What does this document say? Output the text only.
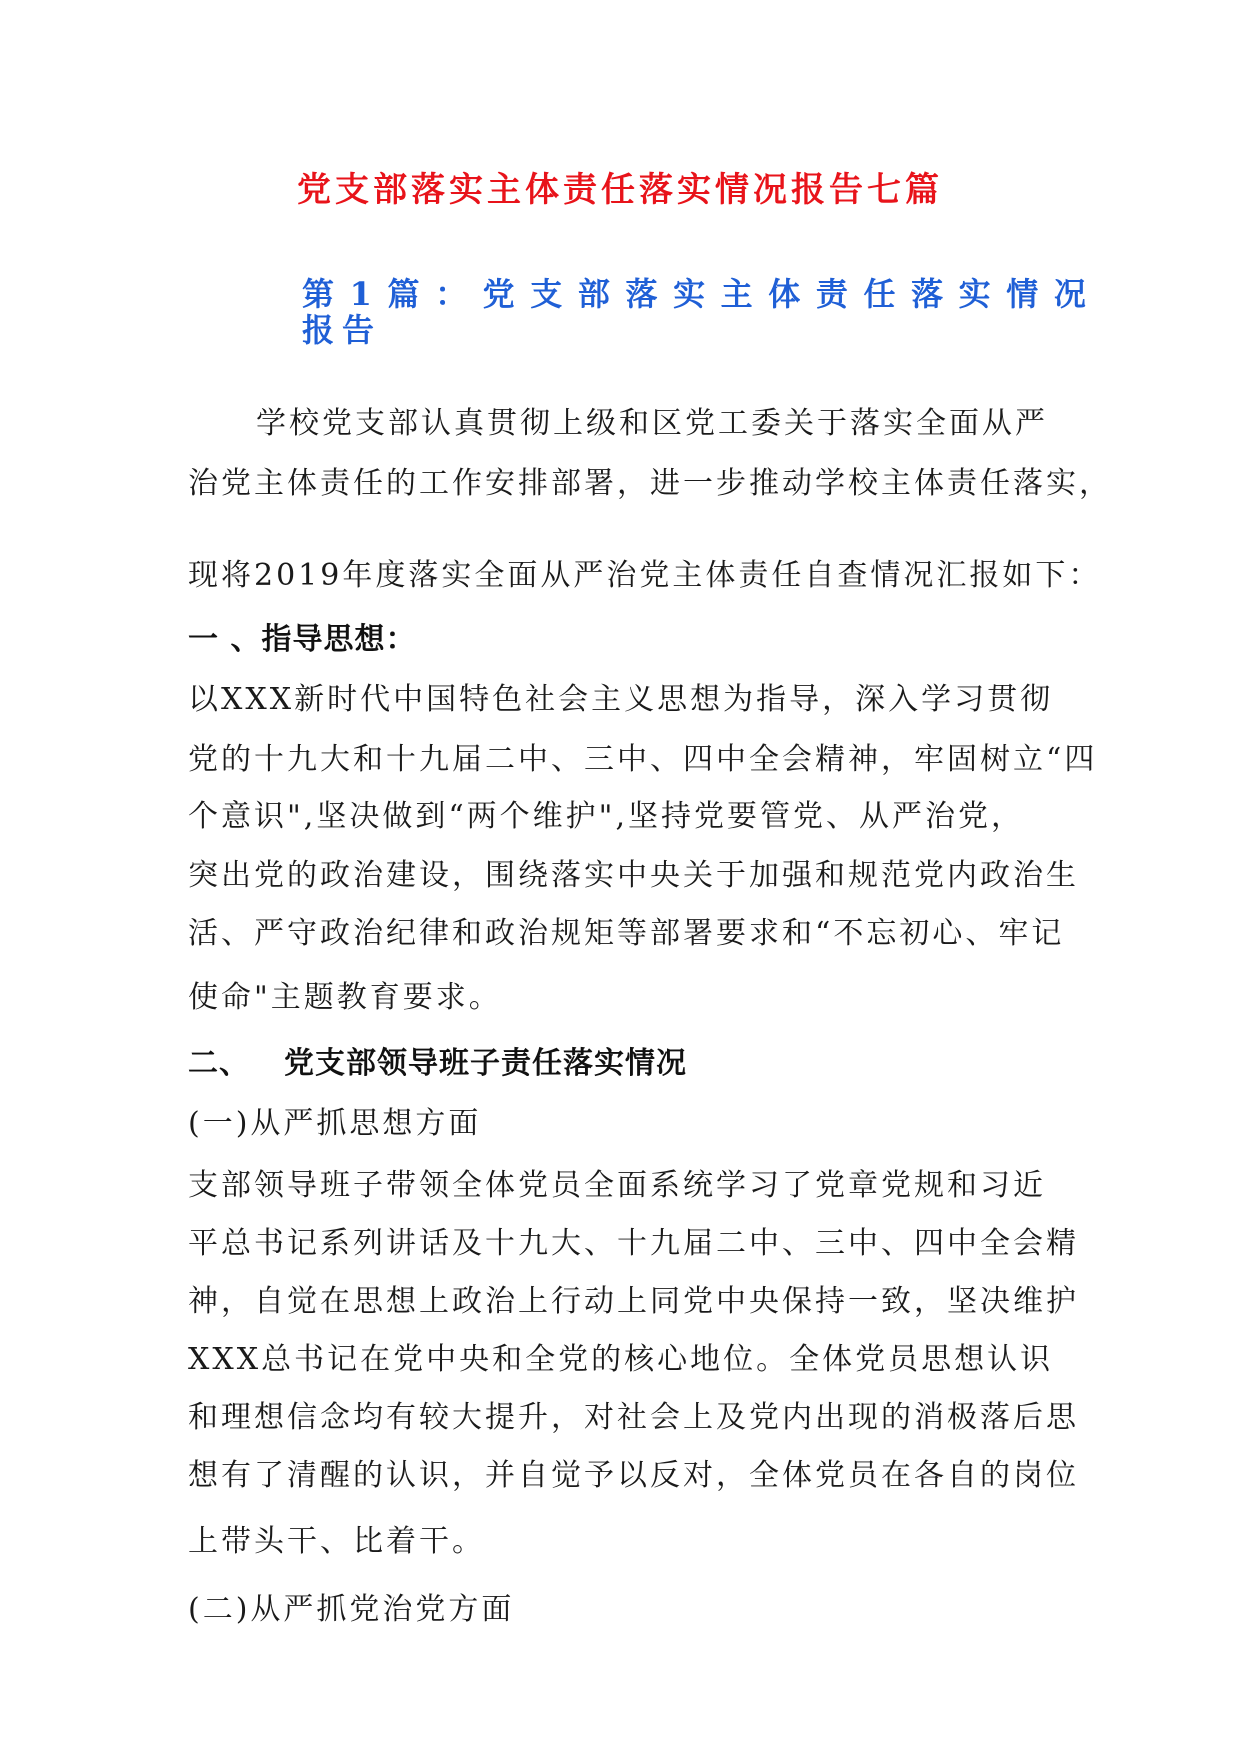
党支部落实主体责任落实情况报告七篇
第1篇：党支部落实主体责任落实情况
报告
学校党支部认真贯彻上级和区党工委关于落实全面从严
治党主体责任的工作安排部署，进一步推动学校主体责任落实，
现将2019年度落实全面从严治党主体责任自查情况汇报如下：
一 、指导思想：
以XXX新时代中国特色社会主义思想为指导，深入学习贯彻
党的十九大和十九届二中、三中、四中全会精神，牢固树立“四
个意识",坚决做到“两个维护",坚持党要管党、从严治党，
突出党的政治建设，围绕落实中央关于加强和规范党内政治生
活、严守政治纪律和政治规矩等部署要求和“不忘初心、牢记
使命"主题教育要求。
二、 党支部领导班子责任落实情况
(一)从严抓思想方面
支部领导班子带领全体党员全面系统学习了党章党规和习近
平总书记系列讲话及十九大、十九届二中、三中、四中全会精
神，自觉在思想上政治上行动上同党中央保持一致，坚决维护
XXX总书记在党中央和全党的核心地位。全体党员思想认识
和理想信念均有较大提升，对社会上及党内出现的消极落后思
想有了清醒的认识，并自觉予以反对，全体党员在各自的岗位
上带头干、比着干。
(二)从严抓党治党方面
